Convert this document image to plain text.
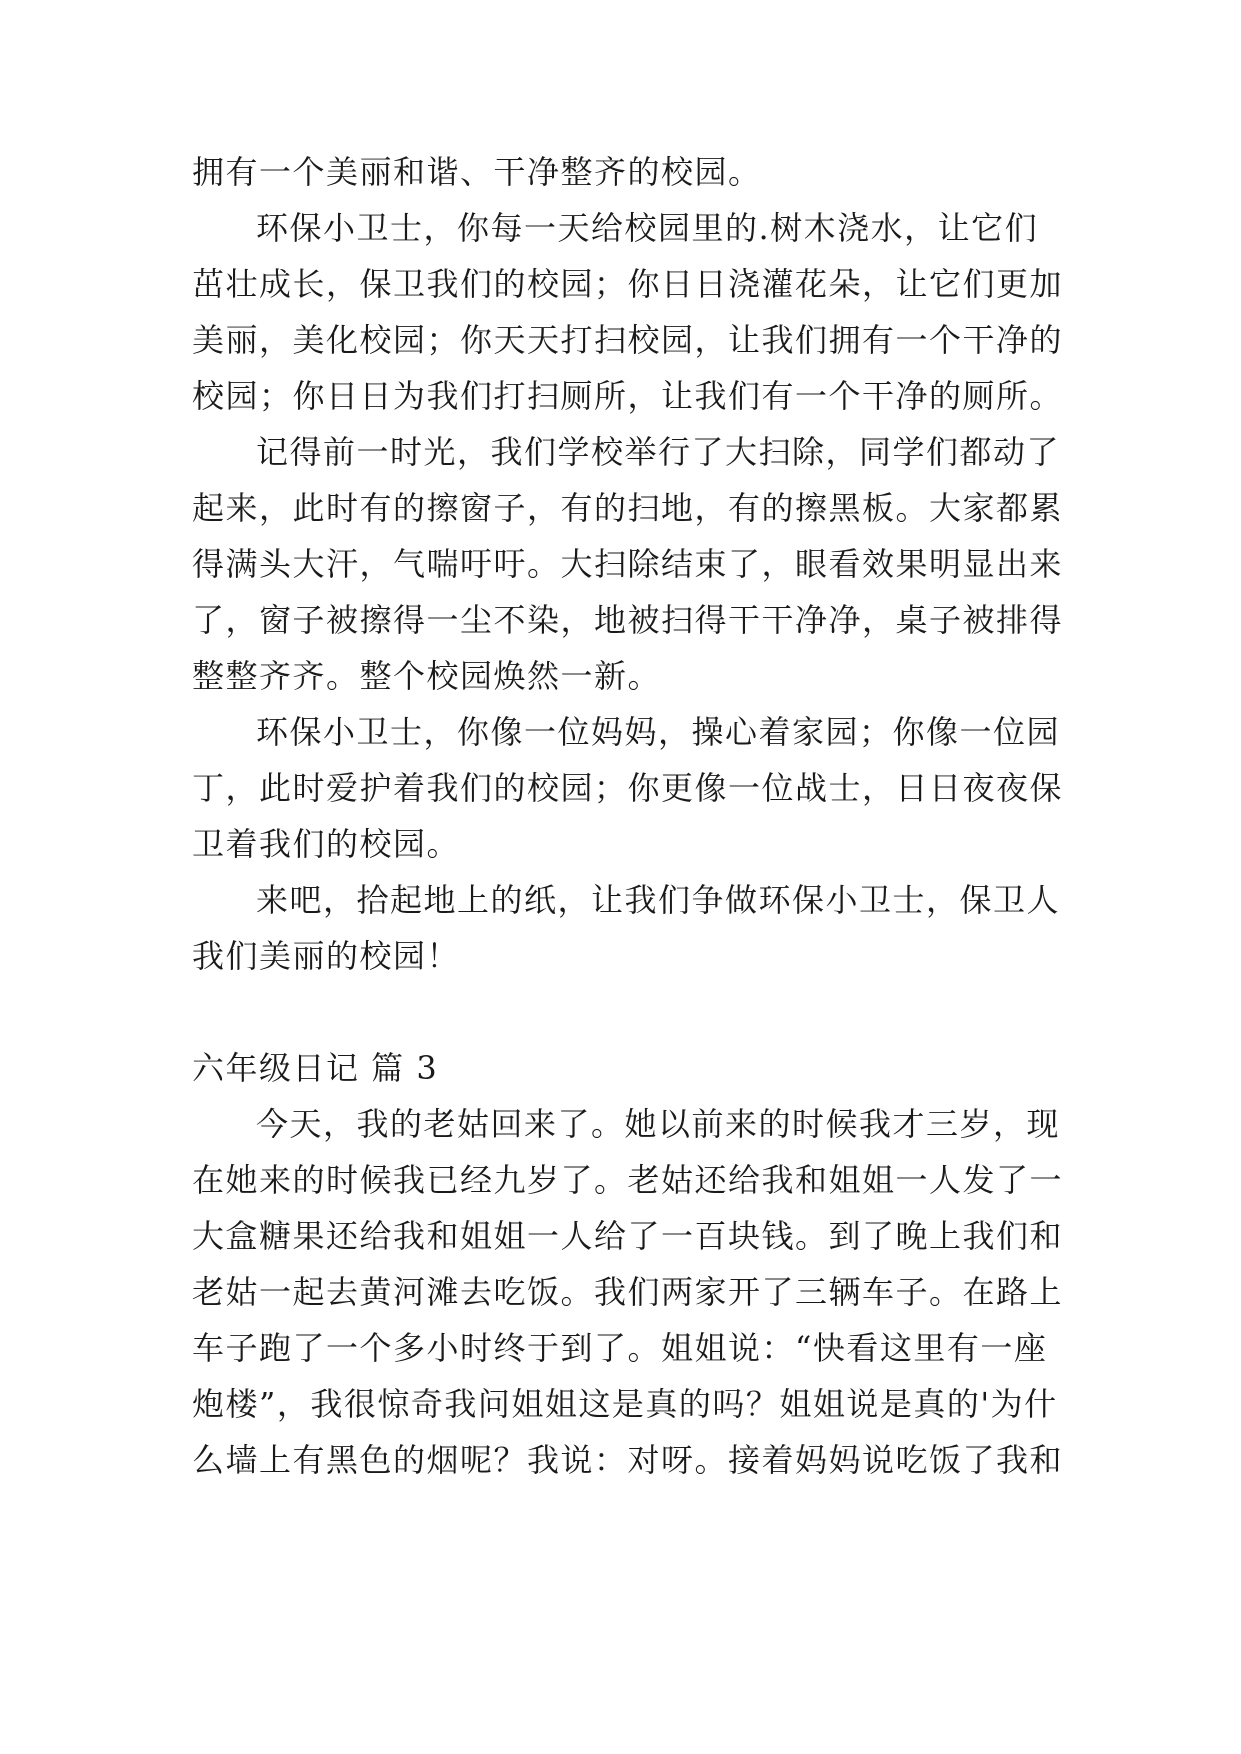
拥有一个美丽和谐、干净整齐的校园。
环保小卫士，你每一天给校园里的.树木浇水，让它们
茁壮成长，保卫我们的校园；你日日浇灌花朵，让它们更加
美丽，美化校园；你天天打扫校园，让我们拥有一个干净的
校园；你日日为我们打扫厕所，让我们有一个干净的厕所。
记得前一时光，我们学校举行了大扫除，同学们都动了
起来，此时有的擦窗子，有的扫地，有的擦黑板。大家都累
得满头大汗，气喘吁吁。大扫除结束了，眼看效果明显出来
了，窗子被擦得一尘不染，地被扫得干干净净，桌子被排得
整整齐齐。整个校园焕然一新。
环保小卫士，你像一位妈妈，操心着家园；你像一位园
丁，此时爱护着我们的校园；你更像一位战士，日日夜夜保
卫着我们的校园。
来吧，拾起地上的纸，让我们争做环保小卫士，保卫人
我们美丽的校园！
六年级日记 篇 3
今天，我的老姑回来了。她以前来的时候我才三岁，现
在她来的时候我已经九岁了。老姑还给我和姐姐一人发了一
大盒糖果还给我和姐姐一人给了一百块钱。到了晚上我们和
老姑一起去黄河滩去吃饭。我们两家开了三辆车子。在路上
车子跑了一个多小时终于到了。姐姐说：“快看这里有一座
炮楼”，我很惊奇我问姐姐这是真的吗？姐姐说是真的'为什
么墙上有黑色的烟呢？我说：对呀。接着妈妈说吃饭了我和
